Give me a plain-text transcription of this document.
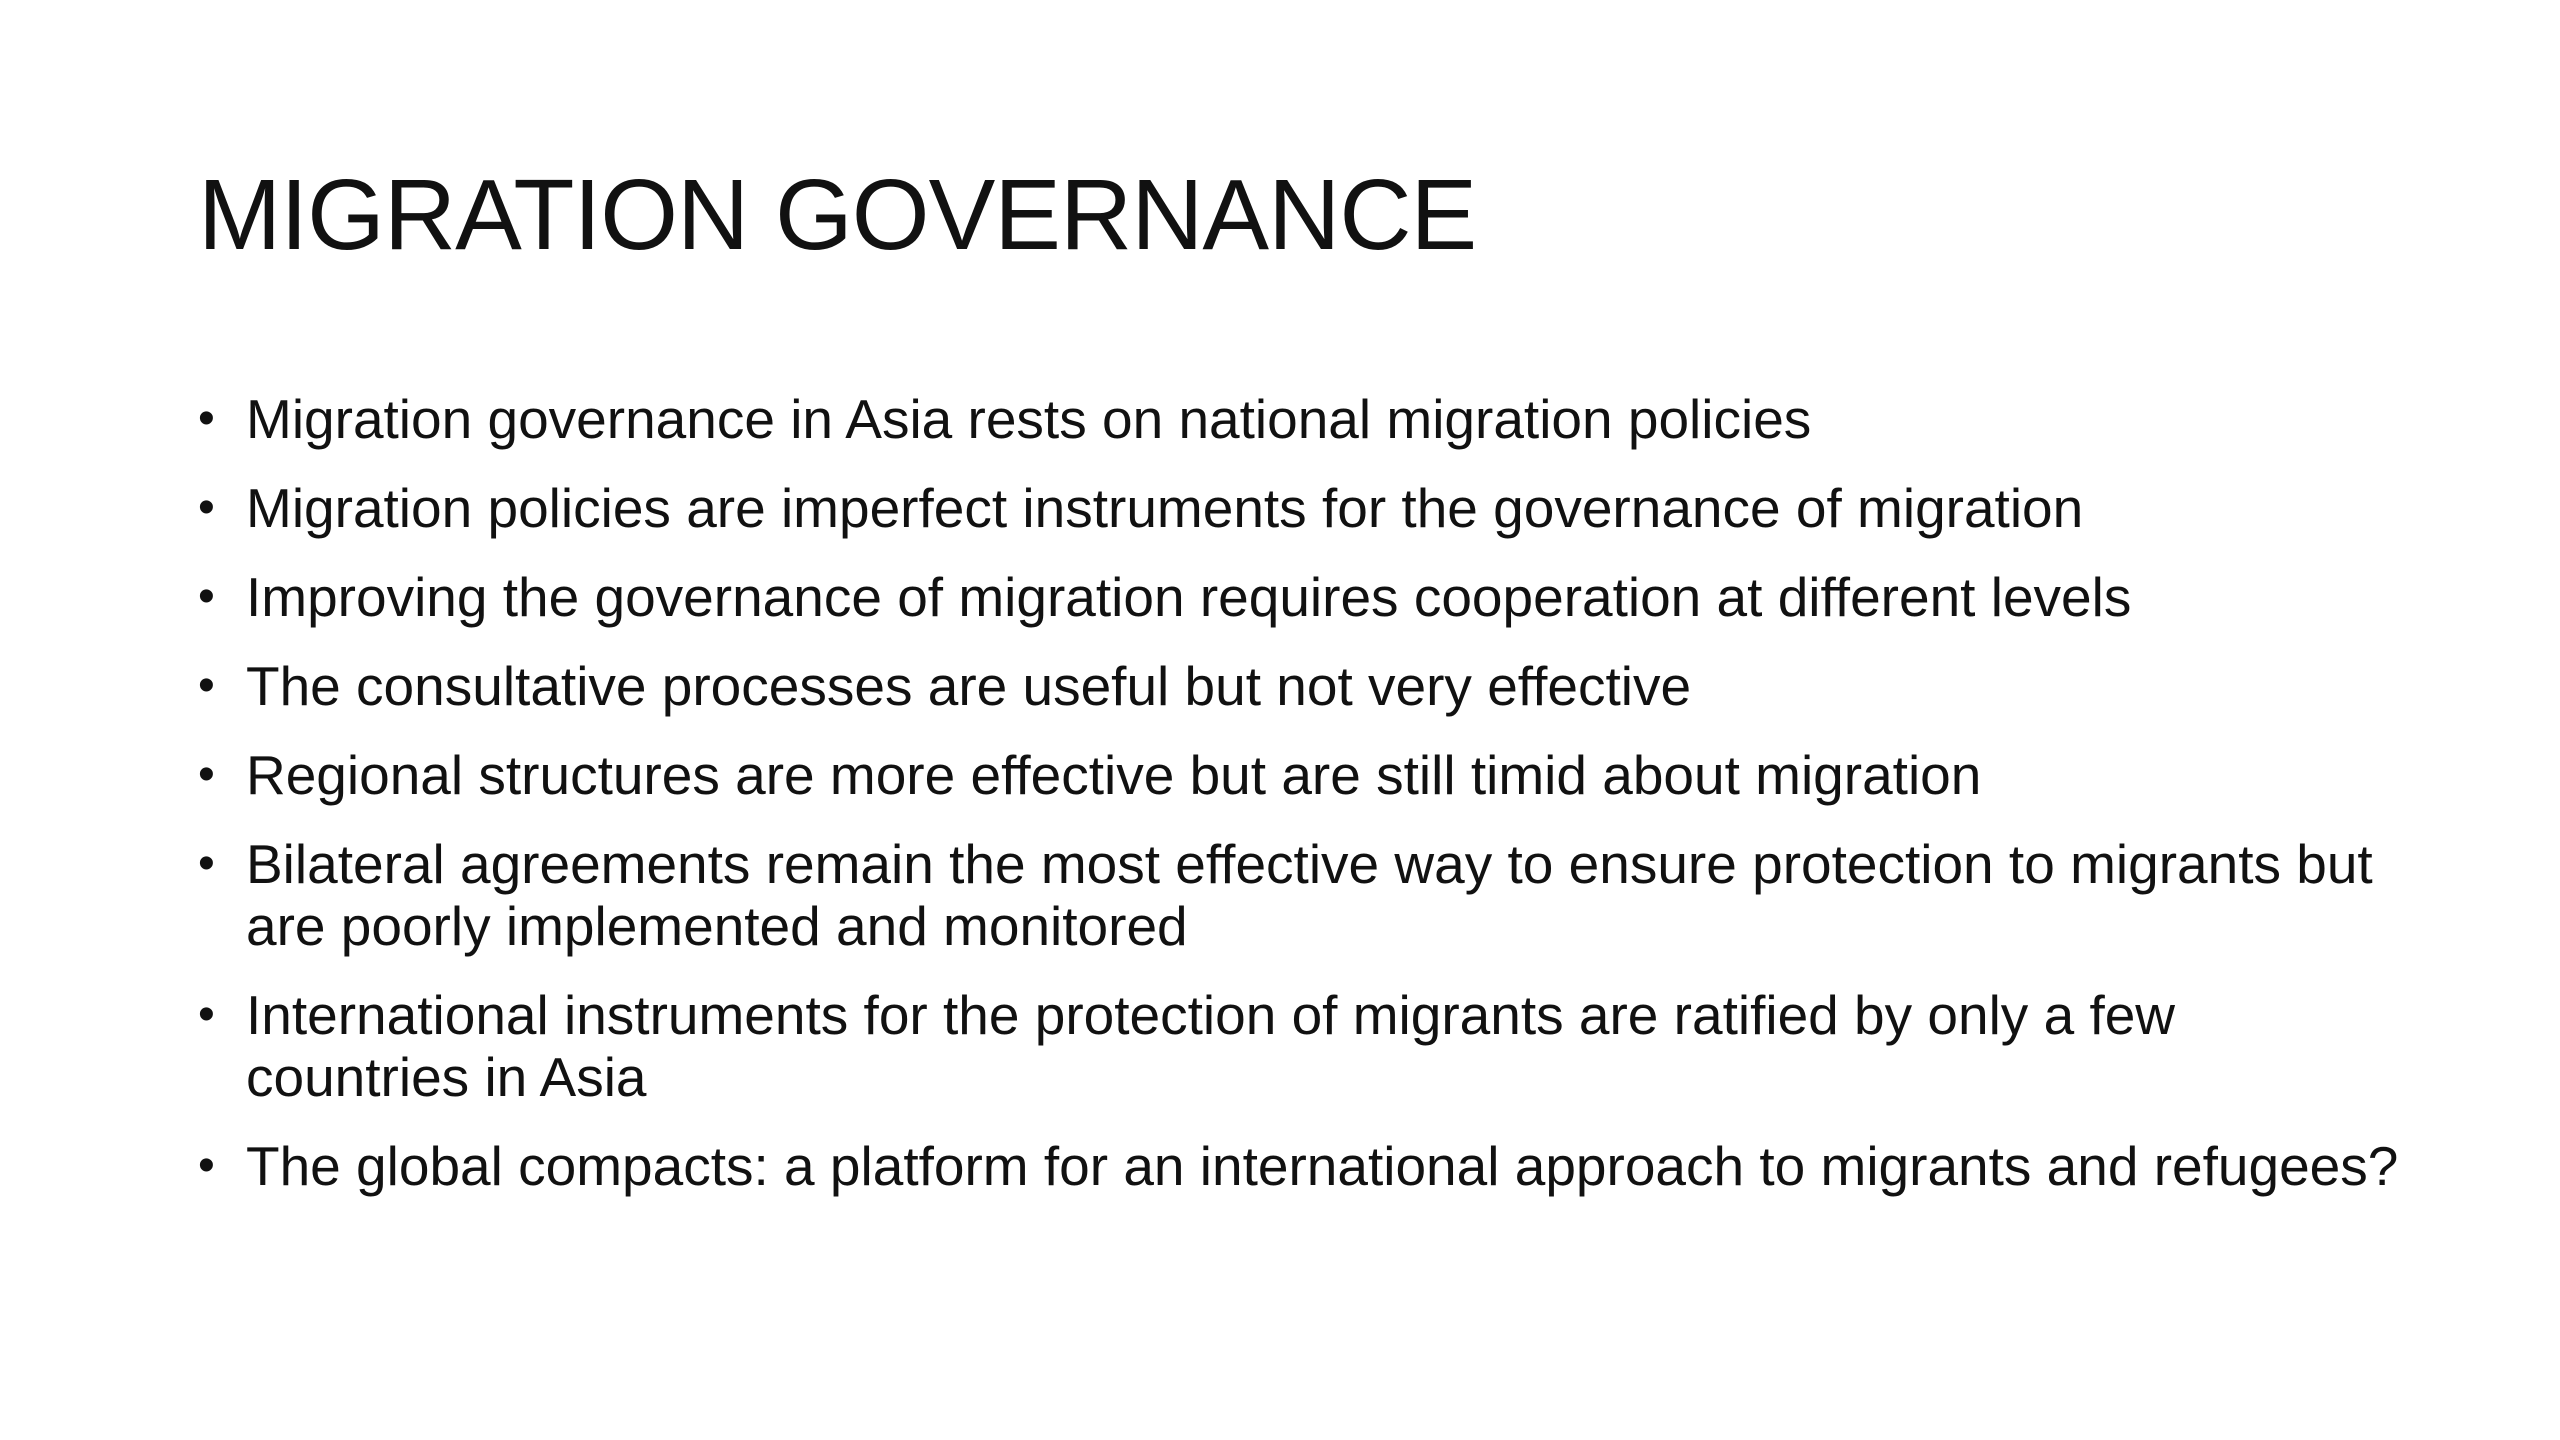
MIGRATION GOVERNANCE
• Migration governance in Asia rests on national migration policies
• Migration policies are imperfect instruments for the governance of migration
• Improving the governance of migration requires cooperation at different levels
• The consultative processes are useful but not very effective
• Regional structures are more effective but are still timid about migration
• Bilateral agreements remain the most effective way to ensure protection to migrants but are poorly implemented and monitored
• International instruments for the protection of migrants are ratified by only a few countries in Asia
• The global compacts: a platform for an international approach to migrants and refugees?
